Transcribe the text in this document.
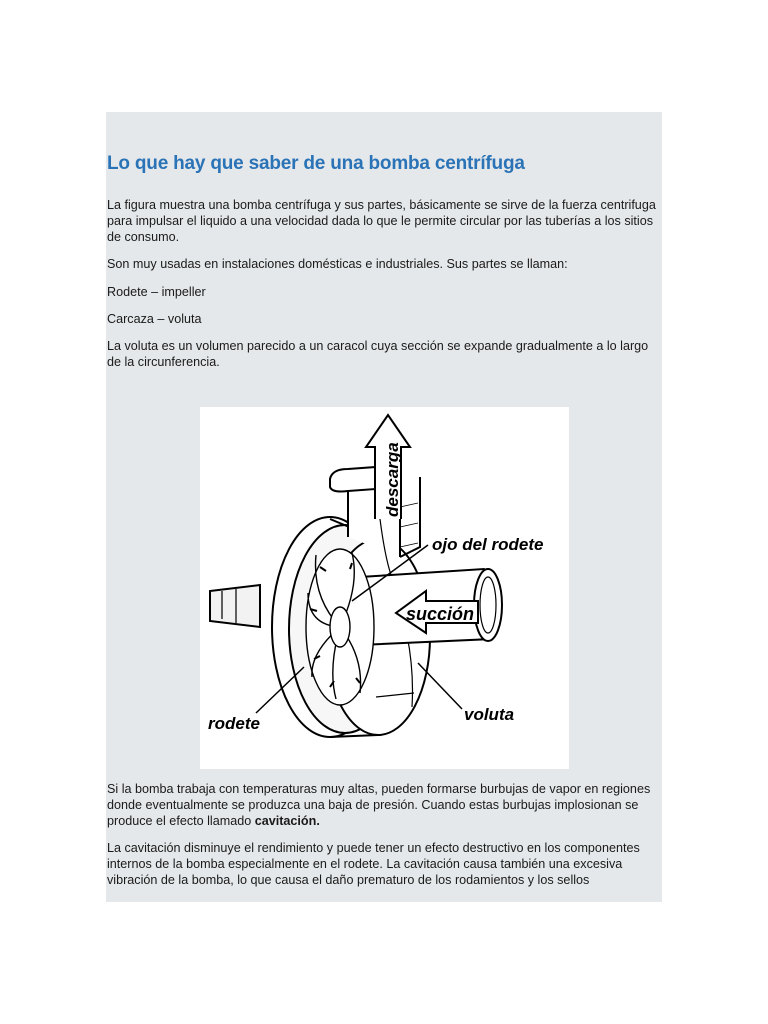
Lo que hay que saber de una bomba centrífuga

La figura muestra una bomba centrífuga y sus partes, básicamente se sirve de la fuerza centrifuga para impulsar el liquido a una velocidad dada lo que le permite circular por las tuberías a los sitios de consumo.

Son muy usadas en instalaciones domésticas e industriales. Sus partes se llaman:

Rodete – impeller

Carcaza – voluta

La voluta es un volumen parecido a un caracol cuya sección se expande gradualmente a lo largo de la circunferencia.

descarga
ojo del rodete
succión
voluta
rodete

Si la bomba trabaja con temperaturas muy altas, pueden formarse burbujas de vapor en regiones donde eventualmente se produzca una baja de presión. Cuando estas burbujas implosionan se produce el efecto llamado cavitación.

La cavitación disminuye el rendimiento y puede tener un efecto destructivo en los componentes internos de la bomba especialmente en el rodete. La cavitación causa también una excesiva vibración de la bomba, lo que causa el daño prematuro de los rodamientos y los sellos
